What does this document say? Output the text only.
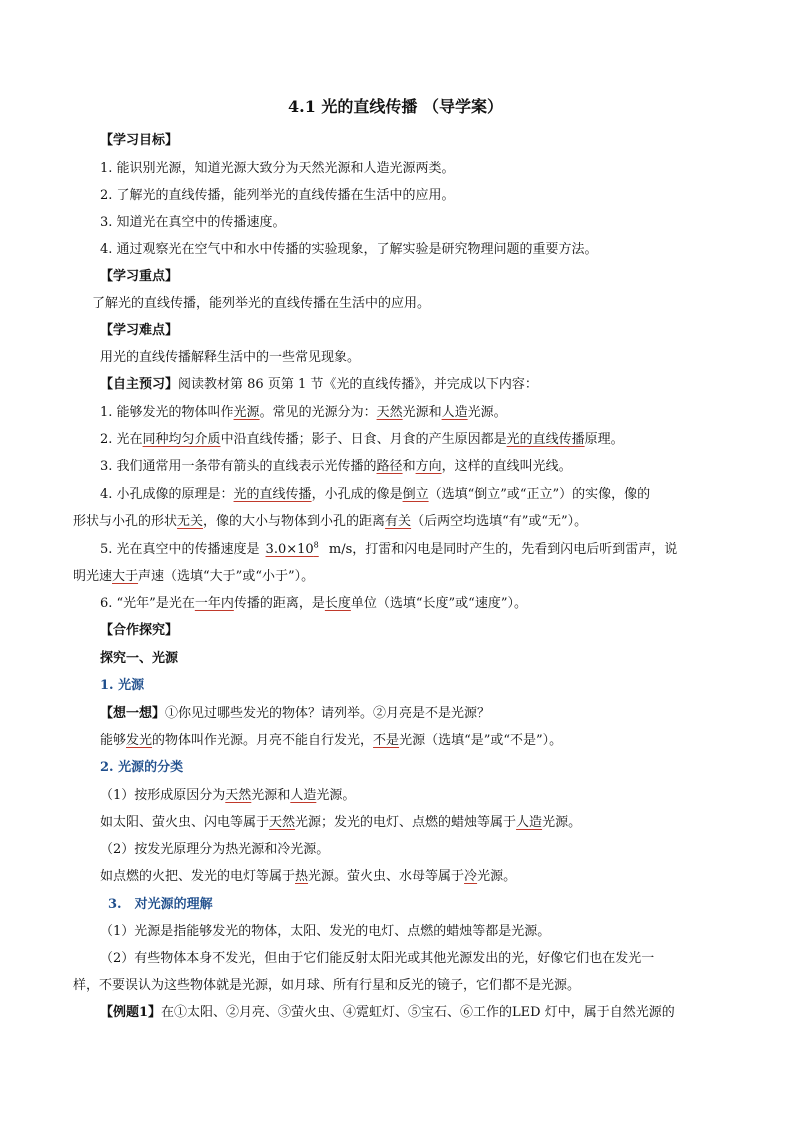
4.1 光的直线传播 （导学案）
【学习目标】
1. 能识别光源，知道光源大致分为天然光源和人造光源两类。
2. 了解光的直线传播，能列举光的直线传播在生活中的应用。
3. 知道光在真空中的传播速度。
4. 通过观察光在空气中和水中传播的实验现象，了解实验是研究物理问题的重要方法。
【学习重点】
了解光的直线传播，能列举光的直线传播在生活中的应用。
【学习难点】
用光的直线传播解释生活中的一些常见现象。
【自主预习】阅读教材第 86 页第 1 节《光的直线传播》，并完成以下内容：
1. 能够发光的物体叫作光源。常见的光源分为：天然光源和人造光源。
2. 光在同种均匀介质中沿直线传播；影子、日食、月食的产生原因都是光的直线传播原理。
3. 我们通常用一条带有箭头的直线表示光传播的路径和方向，这样的直线叫光线。
4. 小孔成像的原理是：光的直线传播，小孔成的像是倒立（选填“倒立”或“正立”）的实像，像的
形状与小孔的形状无关，像的大小与物体到小孔的距离有关（后两空均选填“有”或“无”）。
5. 光在真空中的传播速度是 $3.0\times 10^8$ m/s，打雷和闪电是同时产生的，先看到闪电后听到雷声，说
明光速大于声速（选填“大于”或“小于”）。
6. “光年”是光在一年内传播的距离，是长度单位（选填“长度”或“速度”）。
【合作探究】
探究一、光源
1. 光源
【想一想】①你见过哪些发光的物体？请列举。②月亮是不是光源？
能够发光的物体叫作光源。月亮不能自行发光，不是光源（选填“是”或“不是”）。
2. 光源的分类
（1）按形成原因分为天然光源和人造光源。
如太阳、萤火虫、闪电等属于天然光源；发光的电灯、点燃的蜡烛等属于人造光源。
（2）按发光原理分为热光源和冷光源。
如点燃的火把、发光的电灯等属于热光源。萤火虫、水母等属于冷光源。
3.　对光源的理解
（1）光源是指能够发光的物体，太阳、发光的电灯、点燃的蜡烛等都是光源。
（2）有些物体本身不发光，但由于它们能反射太阳光或其他光源发出的光，好像它们也在发光一
样，不要误认为这些物体就是光源，如月球、所有行星和反光的镜子，它们都不是光源。
【例题1】在①太阳、②月亮、③萤火虫、④霓虹灯、⑤宝石、⑥工作的LED 灯中，属于自然光源的
